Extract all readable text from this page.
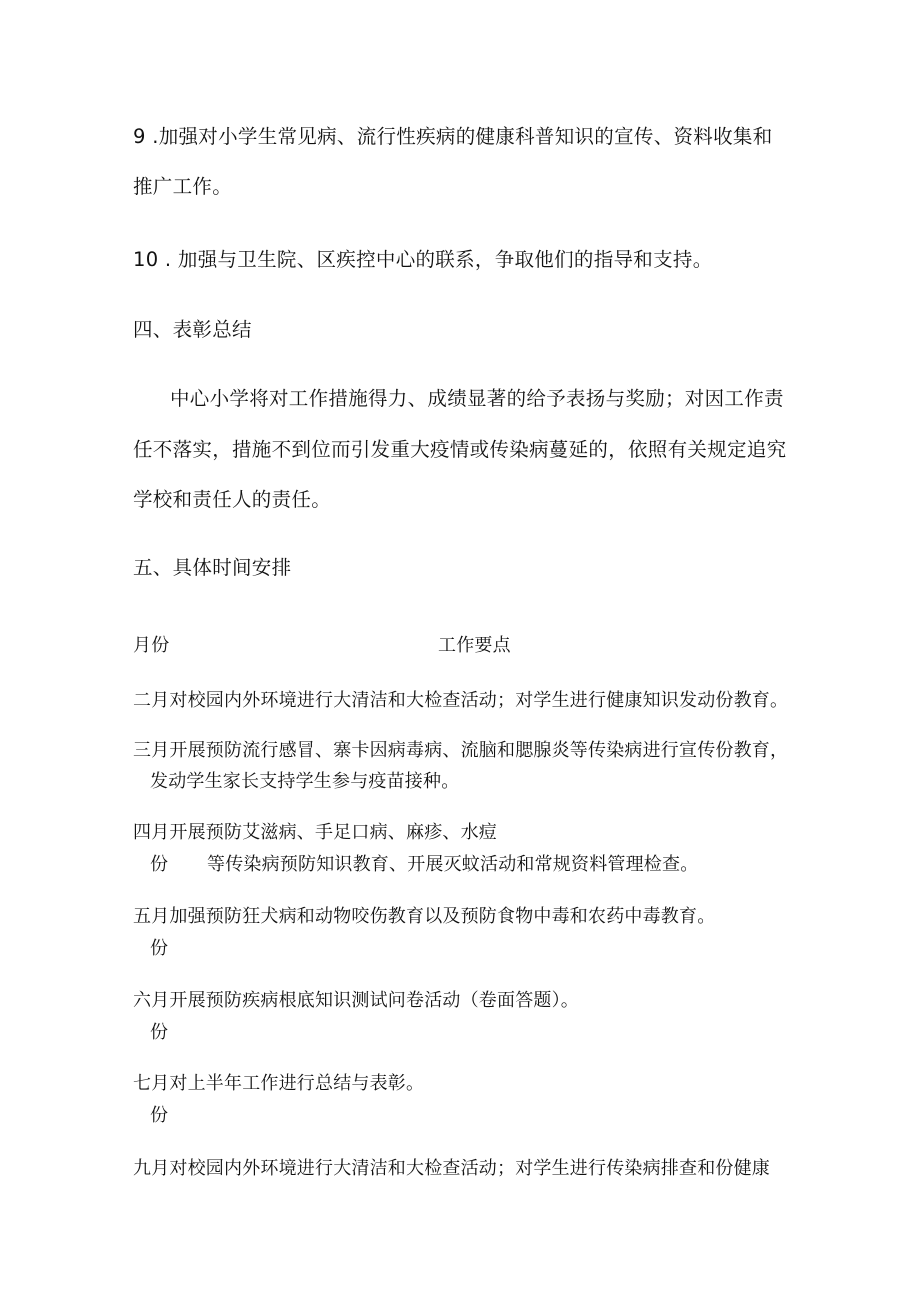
9 .加强对小学生常见病、流行性疾病的健康科普知识的宣传、资料收集和
推广工作。
10 . 加强与卫生院、区疾控中心的联系，争取他们的指导和支持。
四、表彰总结
中心小学将对工作措施得力、成绩显著的给予表扬与奖励；对因工作责
任不落实，措施不到位而引发重大疫情或传染病蔓延的，依照有关规定追究
学校和责任人的责任。
五、具体时间安排
月份	工作要点
二月对校园内外环境进行大清洁和大检查活动；对学生进行健康知识发动份教育。
三月开展预防流行感冒、寨卡因病毒病、流脑和腮腺炎等传染病进行宣传份教育，
发动学生家长支持学生参与疫苗接种。
四月开展预防艾滋病、手足口病、麻疹、水痘
份 等传染病预防知识教育、开展灭蚊活动和常规资料管理检查。
五月加强预防狂犬病和动物咬伤教育以及预防食物中毒和农药中毒教育。
份
六月开展预防疾病根底知识测试问卷活动（卷面答题）。
份
七月对上半年工作进行总结与表彰。
份
九月对校园内外环境进行大清洁和大检查活动；对学生进行传染病排查和份健康
